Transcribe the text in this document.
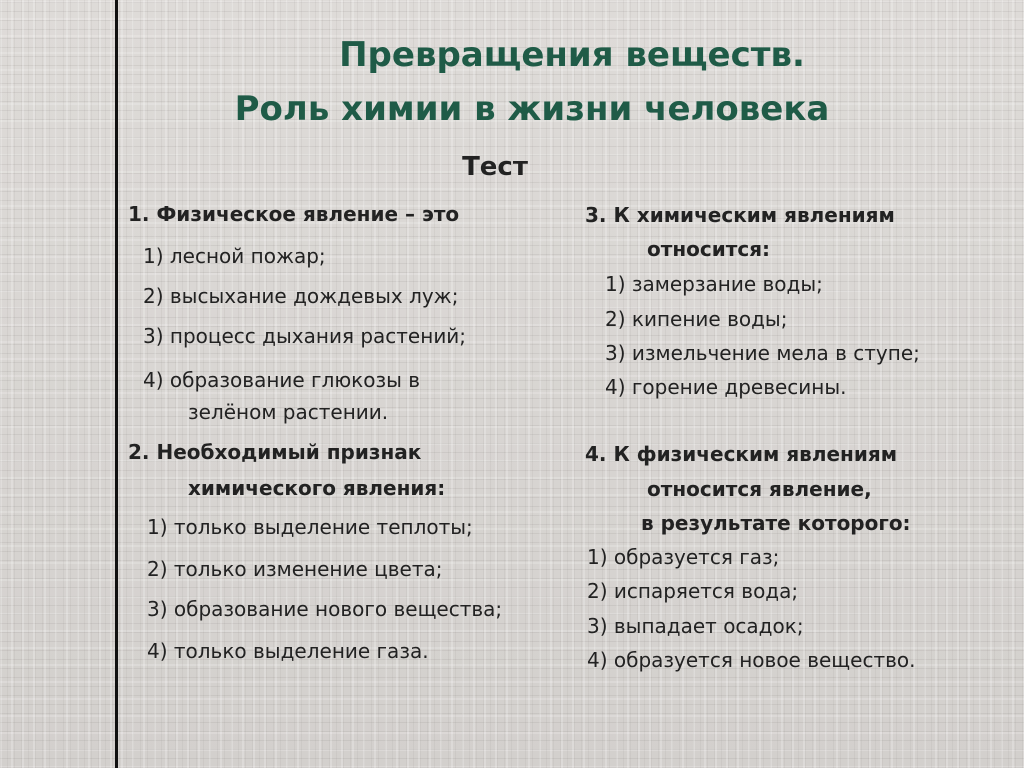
Превращения веществ.
Роль химии в жизни человека
Тест
1. Физическое явление – это
1) лесной пожар;
2) высыхание дождевых луж;
3) процесс дыхания растений;
4) образование глюкозы в
зелёном растении.
2. Необходимый признак
химического явления:
1) только выделение теплоты;
2) только изменение цвета;
3) образование нового вещества;
4) только выделение газа.
3. К химическим явлениям
относится:
1) замерзание воды;
2) кипение воды;
3) измельчение мела в ступе;
4) горение древесины.
4. К физическим явлениям
относится явление,
в результате которого:
1) образуется газ;
2) испаряется вода;
3) выпадает осадок;
4) образуется новое вещество.
